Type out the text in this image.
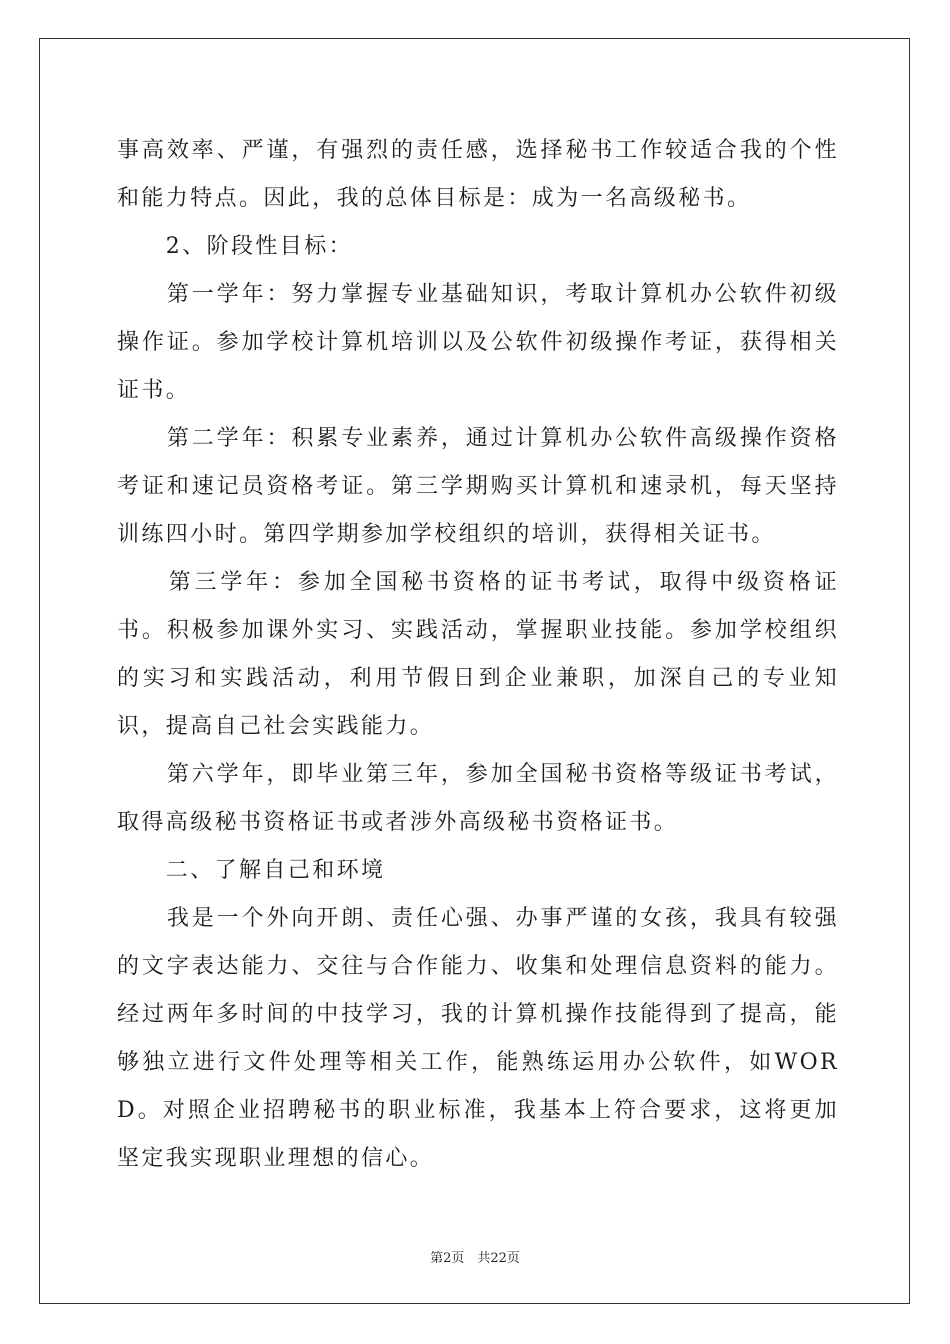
事高效率、严谨，有强烈的责任感，选择秘书工作较适合我的个性和能力特点。因此，我的总体目标是：成为一名高级秘书。

　　2、阶段性目标：

　　第一学年：努力掌握专业基础知识，考取计算机办公软件初级操作证。参加学校计算机培训以及公软件初级操作考证，获得相关证书。

　　第二学年：积累专业素养，通过计算机办公软件高级操作资格考证和速记员资格考证。第三学期购买计算机和速录机，每天坚持训练四小时。第四学期参加学校组织的培训，获得相关证书。

　　第三学年：参加全国秘书资格的证书考试，取得中级资格证书。积极参加课外实习、实践活动，掌握职业技能。参加学校组织的实习和实践活动，利用节假日到企业兼职，加深自己的专业知识，提高自己社会实践能力。

　　第六学年，即毕业第三年，参加全国秘书资格等级证书考试，取得高级秘书资格证书或者涉外高级秘书资格证书。

　　二、了解自己和环境

　　我是一个外向开朗、责任心强、办事严谨的女孩，我具有较强的文字表达能力、交往与合作能力、收集和处理信息资料的能力。经过两年多时间的中技学习，我的计算机操作技能得到了提高，能够独立进行文件处理等相关工作，能熟练运用办公软件，如WORD。对照企业招聘秘书的职业标准，我基本上符合要求，这将更加坚定我实现职业理想的信心。

第2页　共22页
